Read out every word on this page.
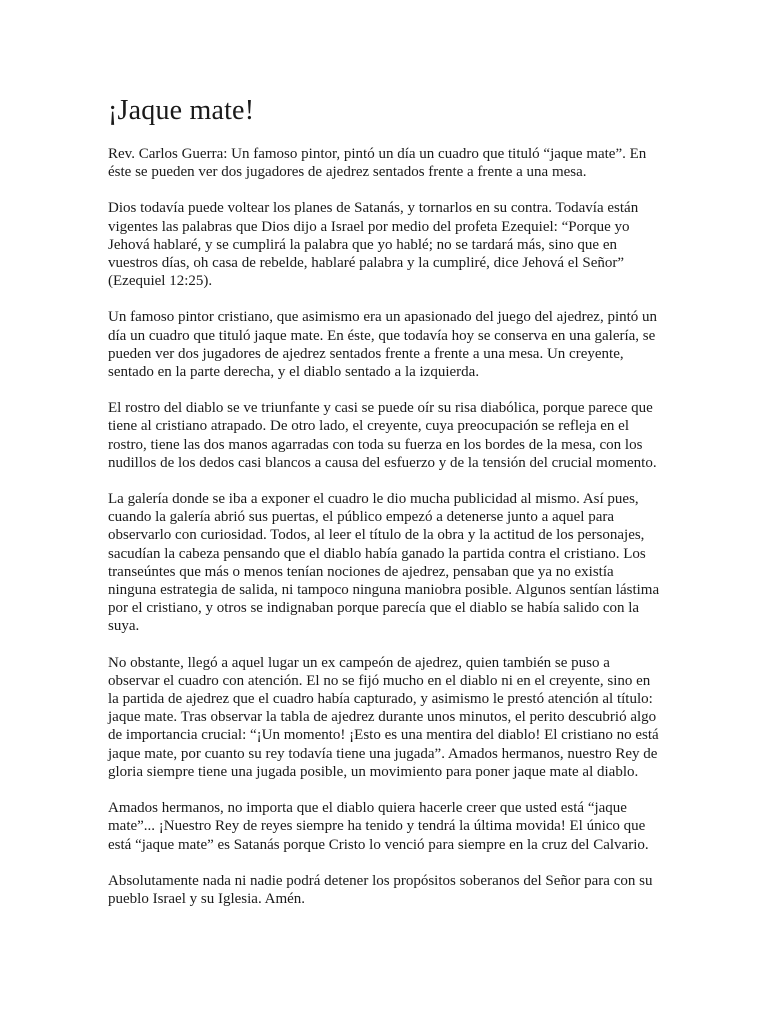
¡Jaque mate!

Rev. Carlos Guerra: Un famoso pintor, pintó un día un cuadro que tituló “jaque mate”. En éste se pueden ver dos jugadores de ajedrez sentados frente a frente a una mesa.

Dios todavía puede voltear los planes de Satanás, y tornarlos en su contra. Todavía están vigentes las palabras que Dios dijo a Israel por medio del profeta Ezequiel: “Porque yo Jehová hablaré, y se cumplirá la palabra que yo hablé; no se tardará más, sino que en vuestros días, oh casa de rebelde, hablaré palabra y la cumpliré, dice Jehová el Señor” (Ezequiel 12:25).

Un famoso pintor cristiano, que asimismo era un apasionado del juego del ajedrez, pintó un día un cuadro que tituló jaque mate. En éste, que todavía hoy se conserva en una galería, se pueden ver dos jugadores de ajedrez sentados frente a frente a una mesa. Un creyente, sentado en la parte derecha, y el diablo sentado a la izquierda.

El rostro del diablo se ve triunfante y casi se puede oír su risa diabólica, porque parece que tiene al cristiano atrapado. De otro lado, el creyente, cuya preocupación se refleja en el rostro, tiene las dos manos agarradas con toda su fuerza en los bordes de la mesa, con los nudillos de los dedos casi blancos a causa del esfuerzo y de la tensión del crucial momento.

La galería donde se iba a exponer el cuadro le dio mucha publicidad al mismo. Así pues, cuando la galería abrió sus puertas, el público empezó a detenerse junto a aquel para observarlo con curiosidad. Todos, al leer el título de la obra y la actitud de los personajes, sacudían la cabeza pensando que el diablo había ganado la partida contra el cristiano. Los transeúntes que más o menos tenían nociones de ajedrez, pensaban que ya no existía ninguna estrategia de salida, ni tampoco ninguna maniobra posible. Algunos sentían lástima por el cristiano, y otros se indignaban porque parecía que el diablo se había salido con la suya.

No obstante, llegó a aquel lugar un ex campeón de ajedrez, quien también se puso a observar el cuadro con atención. El no se fijó mucho en el diablo ni en el creyente, sino en la partida de ajedrez que el cuadro había capturado, y asimismo le prestó atención al título: jaque mate. Tras observar la tabla de ajedrez durante unos minutos, el perito descubrió algo de importancia crucial: “¡Un momento! ¡Esto es una mentira del diablo! El cristiano no está jaque mate, por cuanto su rey todavía tiene una jugada”. Amados hermanos, nuestro Rey de gloria siempre tiene una jugada posible, un movimiento para poner jaque mate al diablo.

Amados hermanos, no importa que el diablo quiera hacerle creer que usted está “jaque mate”... ¡Nuestro Rey de reyes siempre ha tenido y tendrá la última movida! El único que está “jaque mate” es Satanás porque Cristo lo venció para siempre en la cruz del Calvario.

Absolutamente nada ni nadie podrá detener los propósitos soberanos del Señor para con su pueblo Israel y su Iglesia. Amén.
